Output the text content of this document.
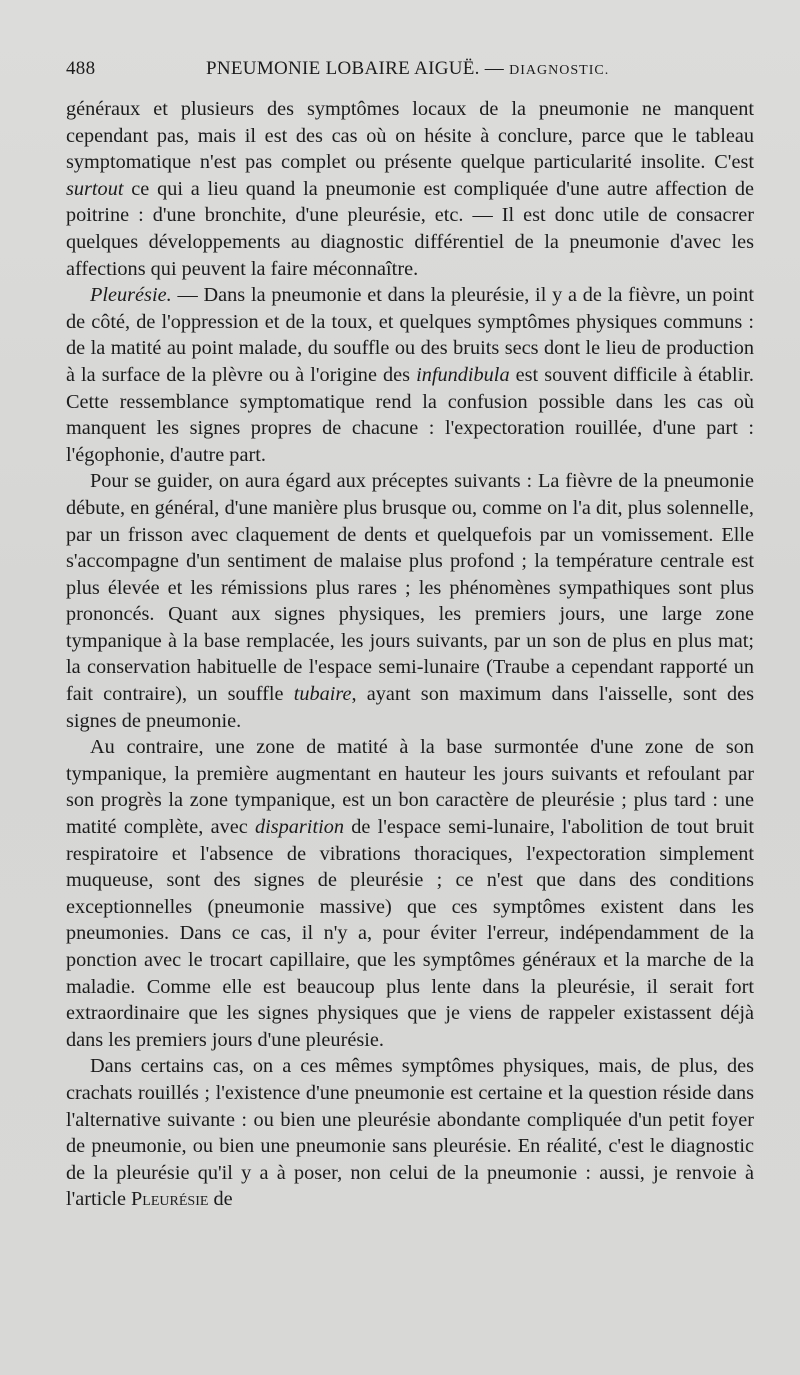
488	PNEUMONIE LOBAIRE AIGUË. — DIAGNOSTIC.

généraux et plusieurs des symptômes locaux de la pneumonie ne manquent cependant pas, mais il est des cas où on hésite à conclure, parce que le tableau symptomatique n'est pas complet ou présente quelque particularité insolite. C'est surtout ce qui a lieu quand la pneumonie est compliquée d'une autre affection de poitrine : d'une bronchite, d'une pleurésie, etc. — Il est donc utile de consacrer quelques développements au diagnostic différentiel de la pneumonie d'avec les affections qui peuvent la faire méconnaître.

Pleurésie. — Dans la pneumonie et dans la pleurésie, il y a de la fièvre, un point de côté, de l'oppression et de la toux, et quelques symptômes physiques communs : de la matité au point malade, du souffle ou des bruits secs dont le lieu de production à la surface de la plèvre ou à l'origine des infundibula est souvent difficile à établir. Cette ressemblance symptomatique rend la confusion possible dans les cas où manquent les signes propres de chacune : l'expectoration rouillée, d'une part : l'égophonie, d'autre part.

Pour se guider, on aura égard aux préceptes suivants : La fièvre de la pneumonie débute, en général, d'une manière plus brusque ou, comme on l'a dit, plus solennelle, par un frisson avec claquement de dents et quelquefois par un vomissement. Elle s'accompagne d'un sentiment de malaise plus profond ; la température centrale est plus élevée et les rémissions plus rares ; les phénomènes sympathiques sont plus prononcés. Quant aux signes physiques, les premiers jours, une large zone tympanique à la base remplacée, les jours suivants, par un son de plus en plus mat; la conservation habituelle de l'espace semi-lunaire (Traube a cependant rapporté un fait contraire), un souffle tubaire, ayant son maximum dans l'aisselle, sont des signes de pneumonie.

Au contraire, une zone de matité à la base surmontée d'une zone de son tympanique, la première augmentant en hauteur les jours suivants et refoulant par son progrès la zone tympanique, est un bon caractère de pleurésie ; plus tard : une matité complète, avec disparition de l'espace semi-lunaire, l'abolition de tout bruit respiratoire et l'absence de vibrations thoraciques, l'expectoration simplement muqueuse, sont des signes de pleurésie ; ce n'est que dans des conditions exceptionnelles (pneumonie massive) que ces symptômes existent dans les pneumonies. Dans ce cas, il n'y a, pour éviter l'erreur, indépendamment de la ponction avec le trocart capillaire, que les symptômes généraux et la marche de la maladie. Comme elle est beaucoup plus lente dans la pleurésie, il serait fort extraordinaire que les signes physiques que je viens de rappeler existassent déjà dans les premiers jours d'une pleurésie.

Dans certains cas, on a ces mêmes symptômes physiques, mais, de plus, des crachats rouillés ; l'existence d'une pneumonie est certaine et la question réside dans l'alternative suivante : ou bien une pleurésie abondante compliquée d'un petit foyer de pneumonie, ou bien une pneumonie sans pleurésie. En réalité, c'est le diagnostic de la pleurésie qu'il y a à poser, non celui de la pneumonie : aussi, je renvoie à l'article Pleurésie de
